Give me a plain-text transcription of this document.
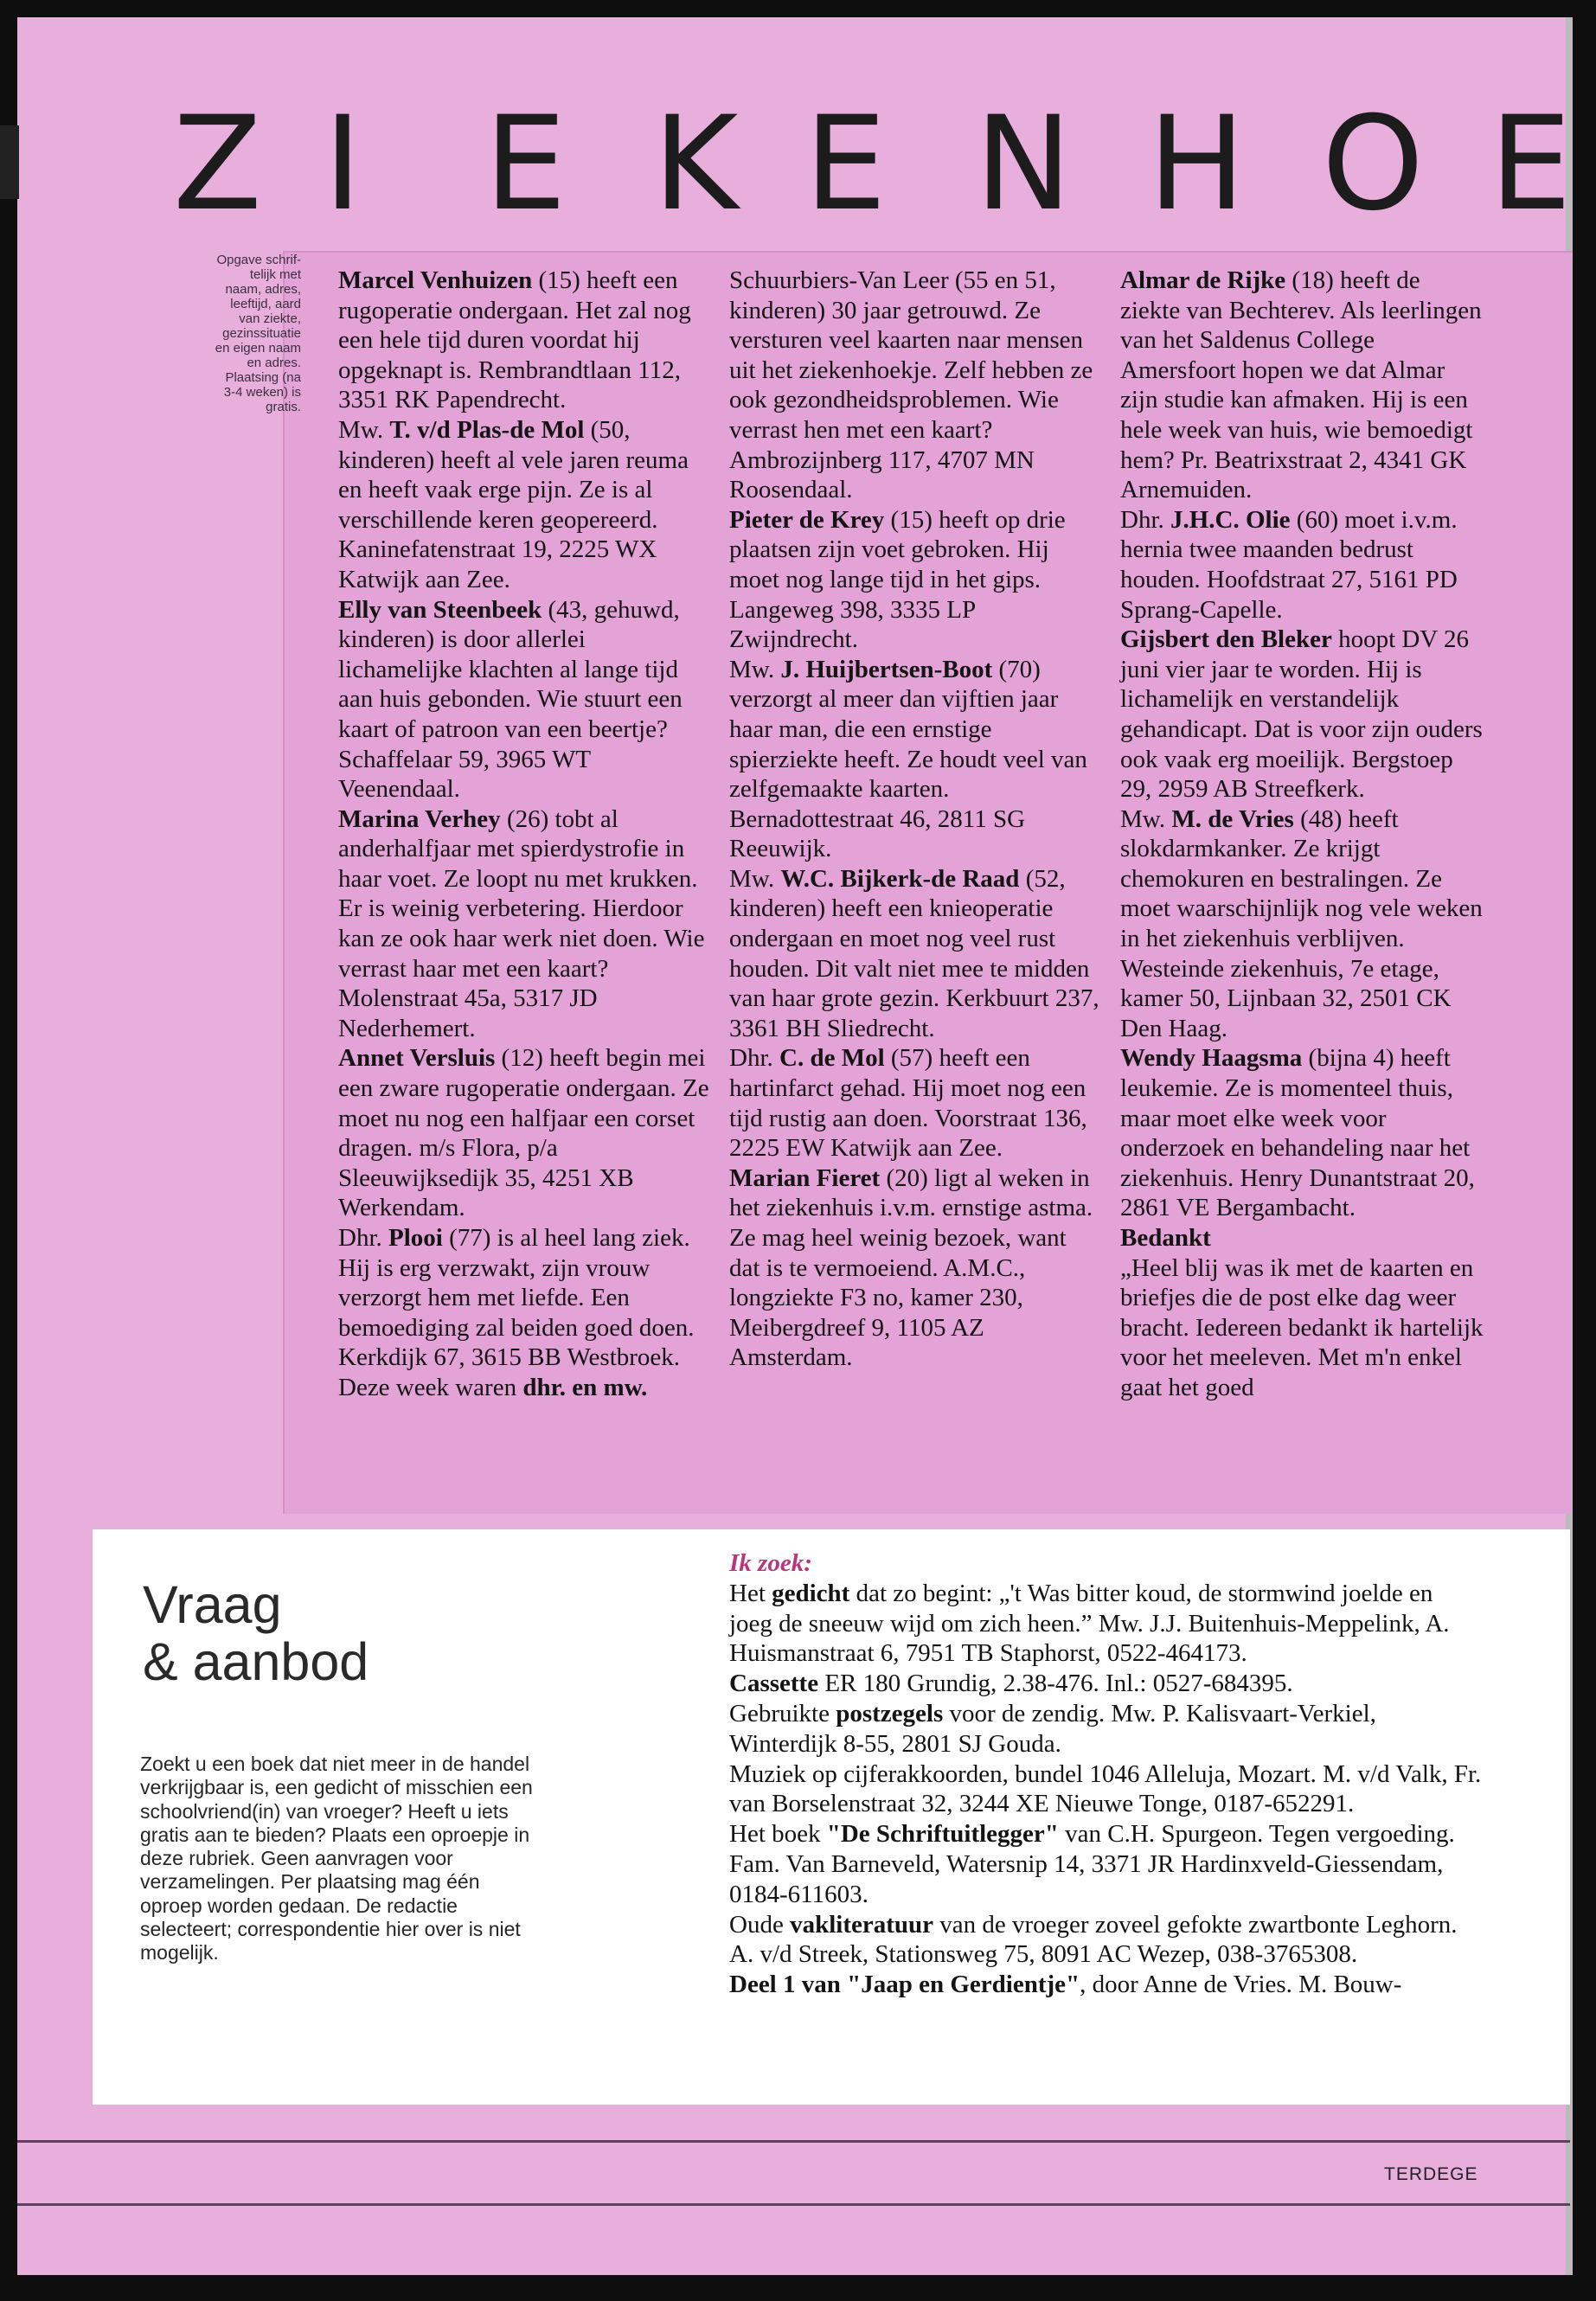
Z I E K E N H O E
Opgave schrif-
telijk met
naam, adres,
leeftijd, aard
van ziekte,
gezinssituatie
en eigen naam
en adres.
Plaatsing (na
3-4 weken) is
gratis.

Marcel Venhuizen (15) heeft een rugoperatie ondergaan. Het zal nog een hele tijd duren voordat hij opgeknapt is. Rembrandtlaan 112, 3351 RK Papendrecht.

Mw. T. v/d Plas-de Mol (50, kinderen) heeft al vele jaren reuma en heeft vaak erge pijn. Ze is al verschillende keren geopereerd. Kaninefatenstraat 19, 2225 WX Katwijk aan Zee.

Elly van Steenbeek (43, gehuwd, kinderen) is door allerlei lichamelijke klachten al lange tijd aan huis gebonden. Wie stuurt een kaart of patroon van een beertje? Schaffelaar 59, 3965 WT Veenendaal.

Marina Verhey (26) tobt al anderhalfjaar met spierdystrofie in haar voet. Ze loopt nu met krukken. Er is weinig verbetering. Hierdoor kan ze ook haar werk niet doen. Wie verrast haar met een kaart? Molenstraat 45a, 5317 JD Nederhemert.

Annet Versluis (12) heeft begin mei een zware rugoperatie ondergaan. Ze moet nu nog een halfjaar een corset dragen. m/s Flora, p/a Sleeuwijksedijk 35, 4251 XB Werkendam.

Dhr. Plooi (77) is al heel lang ziek. Hij is erg verzwakt, zijn vrouw verzorgt hem met liefde. Een bemoediging zal beiden goed doen. Kerkdijk 67, 3615 BB Westbroek.

Deze week waren dhr. en mw.

Schuurbiers-Van Leer (55 en 51, kinderen) 30 jaar getrouwd. Ze versturen veel kaarten naar mensen uit het ziekenhoekje. Zelf hebben ze ook gezondheidsproblemen. Wie verrast hen met een kaart? Ambrozijnberg 117, 4707 MN Roosendaal.

Pieter de Krey (15) heeft op drie plaatsen zijn voet gebroken. Hij moet nog lange tijd in het gips. Langeweg 398, 3335 LP Zwijndrecht.

Mw. J. Huijbertsen-Boot (70) verzorgt al meer dan vijftien jaar haar man, die een ernstige spierziekte heeft. Ze houdt veel van zelfgemaakte kaarten. Bernadottestraat 46, 2811 SG Reeuwijk.

Mw. W.C. Bijkerk-de Raad (52, kinderen) heeft een knieoperatie ondergaan en moet nog veel rust houden. Dit valt niet mee te midden van haar grote gezin. Kerkbuurt 237, 3361 BH Sliedrecht.

Dhr. C. de Mol (57) heeft een hartinfarct gehad. Hij moet nog een tijd rustig aan doen. Voorstraat 136, 2225 EW Katwijk aan Zee.

Marian Fieret (20) ligt al weken in het ziekenhuis i.v.m. ernstige astma. Ze mag heel weinig bezoek, want dat is te vermoeiend. A.M.C., longziekte F3 no, kamer 230, Meibergdreef 9, 1105 AZ Amsterdam.

Almar de Rijke (18) heeft de ziekte van Bechterev. Als leerlingen van het Saldenus College Amersfoort hopen we dat Almar zijn studie kan afmaken. Hij is een hele week van huis, wie bemoedigt hem? Pr. Beatrixstraat 2, 4341 GK Arnemuiden.

Dhr. J.H.C. Olie (60) moet i.v.m. hernia twee maanden bedrust houden. Hoofdstraat 27, 5161 PD Sprang-Capelle.

Gijsbert den Bleker hoopt DV 26 juni vier jaar te worden. Hij is lichamelijk en verstandelijk gehandicapt. Dat is voor zijn ouders ook vaak erg moeilijk. Bergstoep 29, 2959 AB Streefkerk.

Mw. M. de Vries (48) heeft slokdarmkanker. Ze krijgt chemokuren en bestralingen. Ze moet waarschijnlijk nog vele weken in het ziekenhuis verblijven. Westeinde ziekenhuis, 7e etage, kamer 50, Lijnbaan 32, 2501 CK Den Haag.

Wendy Haagsma (bijna 4) heeft leukemie. Ze is momenteel thuis, maar moet elke week voor onderzoek en behandeling naar het ziekenhuis. Henry Dunantstraat 20, 2861 VE Bergambacht.

Bedankt

„Heel blij was ik met de kaarten en briefjes die de post elke dag weer bracht. Iedereen bedankt ik hartelijk voor het meeleven. Met m'n enkel gaat het goed

Vraag
& aanbod
Zoekt u een boek dat niet meer in de handel verkrijgbaar is, een gedicht of misschien een schoolvriend(in) van vroeger? Heeft u iets gratis aan te bieden? Plaats een oproepje in deze rubriek. Geen aanvragen voor verzamelingen. Per plaatsing mag één oproep worden gedaan. De redactie selecteert; correspondentie hier over is niet mogelijk.

Ik zoek:

Het gedicht dat zo begint: „'t Was bitter koud, de stormwind joelde en joeg de sneeuw wijd om zich heen.” Mw. J.J. Buitenhuis-Meppelink, A. Huismanstraat 6, 7951 TB Staphorst, 0522-464173.

Cassette ER 180 Grundig, 2.38-476. Inl.: 0527-684395.

Gebruikte postzegels voor de zendig. Mw. P. Kalisvaart-Verkiel, Winterdijk 8-55, 2801 SJ Gouda.

Muziek op cijferakkoorden, bundel 1046 Alleluja, Mozart. M. v/d Valk, Fr. van Borselenstraat 32, 3244 XE Nieuwe Tonge, 0187-652291.

Het boek "De Schriftuitlegger" van C.H. Spurgeon. Tegen vergoeding. Fam. Van Barneveld, Watersnip 14, 3371 JR Hardinxveld-Giessendam, 0184-611603.

Oude vakliteratuur van de vroeger zoveel gefokte zwartbonte Leghorn. A. v/d Streek, Stationsweg 75, 8091 AC Wezep, 038-3765308.

Deel 1 van "Jaap en Gerdientje", door Anne de Vries. M. Bouw-

TERDEGE
